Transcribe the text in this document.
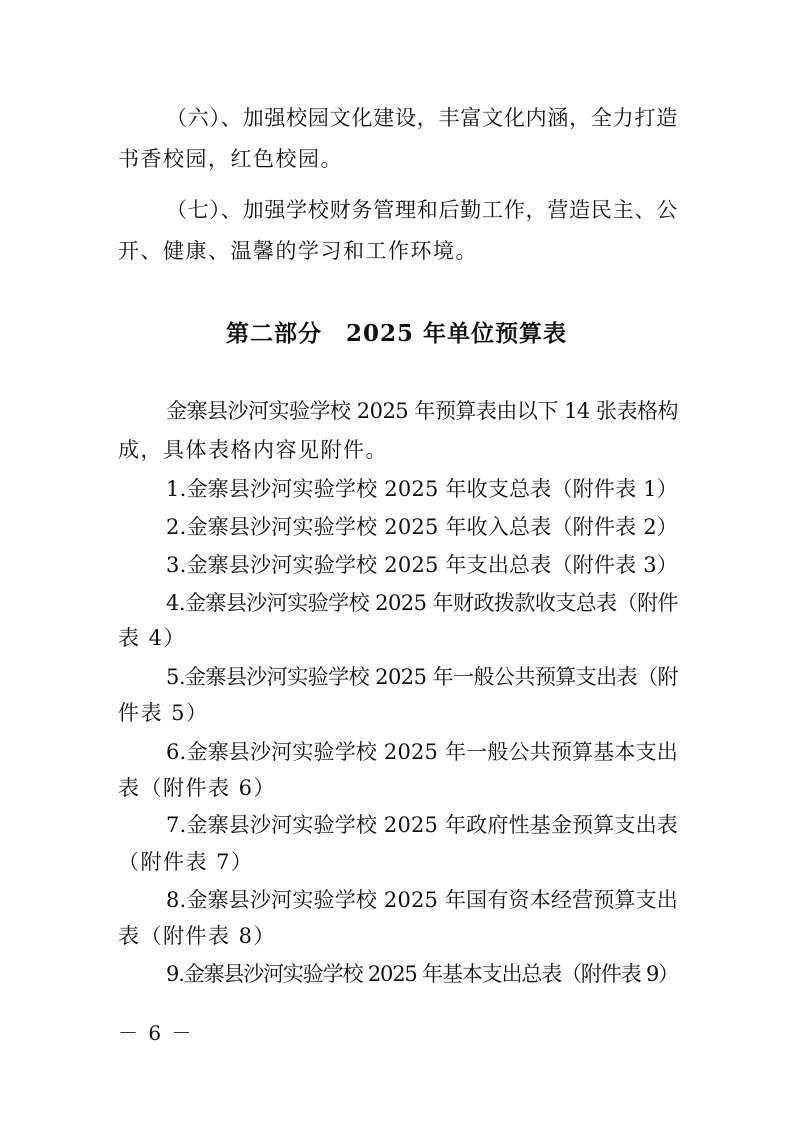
（六）、加强校园文化建设，丰富文化内涵，全力打造
书香校园，红色校园。
（七）、加强学校财务管理和后勤工作，营造民主、公
开、健康、温馨的学习和工作环境。
第二部分　2025 年单位预算表
金寨县沙河实验学校 2025 年预算表由以下 14 张表格构
成，具体表格内容见附件。
1.金寨县沙河实验学校 2025 年收支总表（附件表 1）
2.金寨县沙河实验学校 2025 年收入总表（附件表 2）
3.金寨县沙河实验学校 2025 年支出总表（附件表 3）
4.金寨县沙河实验学校 2025 年财政拨款收支总表（附件
表 4）
5.金寨县沙河实验学校 2025 年一般公共预算支出表（附
件表 5）
6.金寨县沙河实验学校 2025 年一般公共预算基本支出
表（附件表 6）
7.金寨县沙河实验学校 2025 年政府性基金预算支出表
（附件表 7）
8.金寨县沙河实验学校 2025 年国有资本经营预算支出
表（附件表 8）
9.金寨县沙河实验学校 2025 年基本支出总表（附件表 9）
－ 6 －
